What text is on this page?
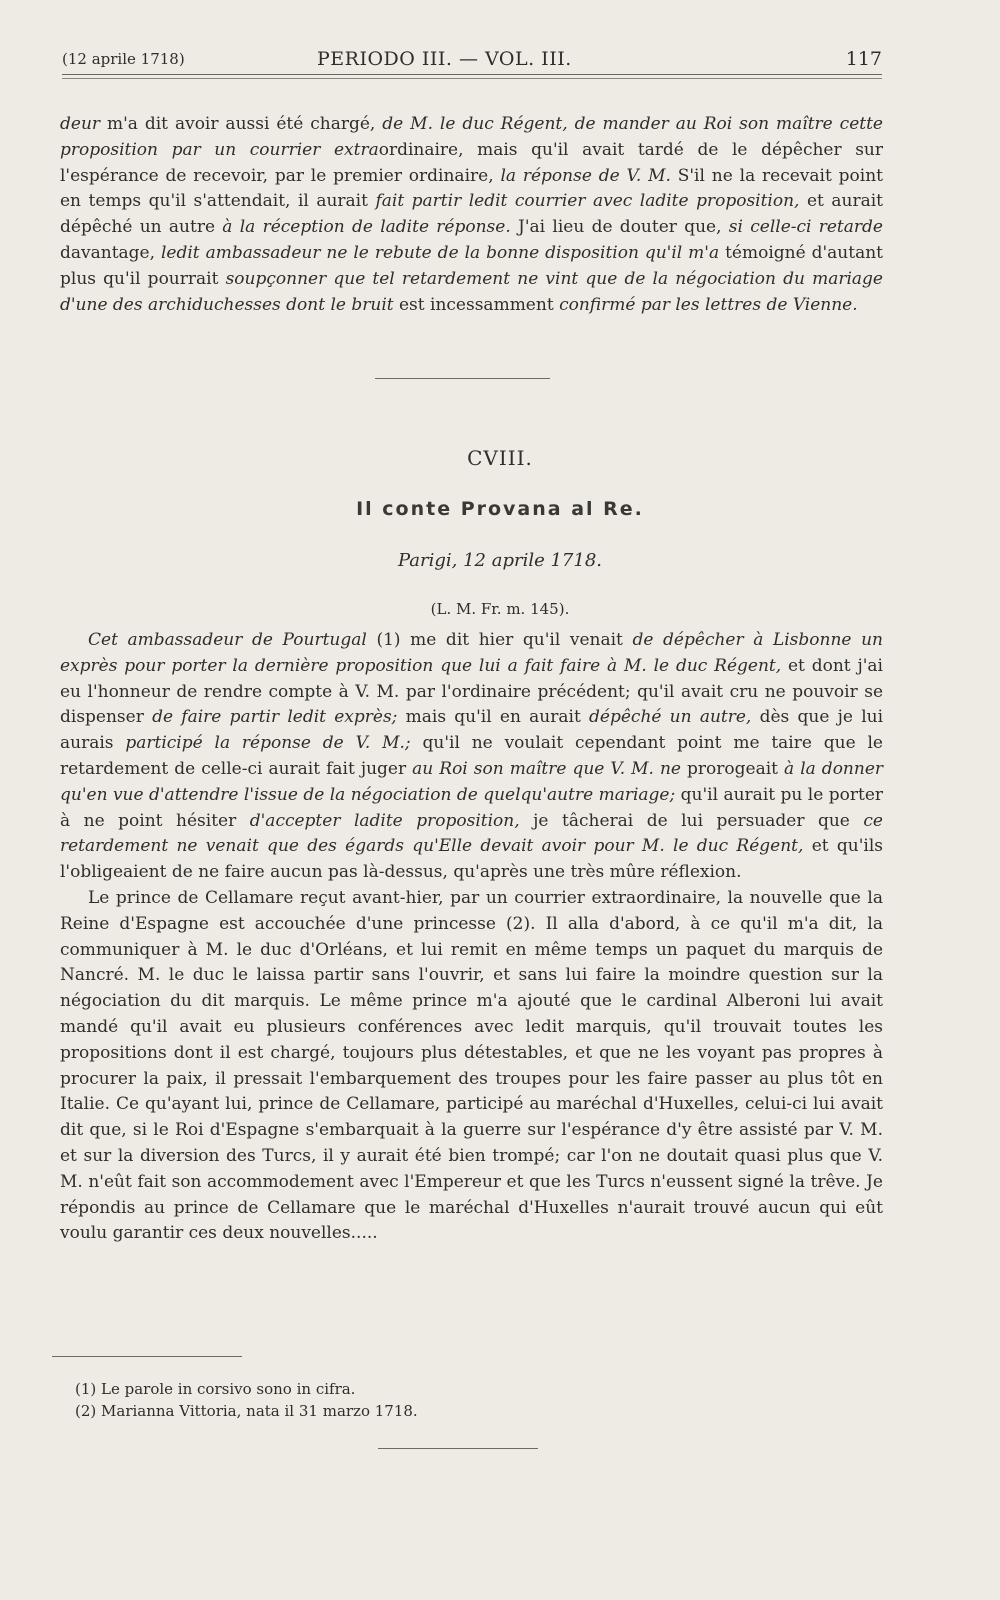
(12 aprile 1718)	PERIODO III. — VOL. III.	117

deur m'a dit avoir aussi été chargé, de M. le duc Régent, de mander au Roi son maître cette proposition par un courrier extraordinaire, mais qu'il avait tardé de le dépêcher sur l'espérance de recevoir, par le premier ordinaire, la réponse de V. M. S'il ne la recevait point en temps qu'il s'attendait, il aurait fait partir ledit courrier avec ladite proposition, et aurait dépêché un autre à la réception de ladite réponse. J'ai lieu de douter que, si celle-ci retarde davantage, ledit ambassadeur ne le rebute de la bonne disposition qu'il m'a témoigné d'autant plus qu'il pourrait soupçonner que tel retardement ne vint que de la négociation du mariage d'une des archiduchesses dont le bruit est incessamment confirmé par les lettres de Vienne.

CVIII.
Il conte Provana al Re.
Parigi, 12 aprile 1718.
(L. M. Fr. m. 145).

Cet ambassadeur de Pourtugal (1) me dit hier qu'il venait de dépêcher à Lisbonne un exprès pour porter la dernière proposition que lui a fait faire à M. le duc Régent, et dont j'ai eu l'honneur de rendre compte à V. M. par l'ordinaire précédent; qu'il avait cru ne pouvoir se dispenser de faire partir ledit exprès; mais qu'il en aurait dépêché un autre, dès que je lui aurais participé la réponse de V. M.; qu'il ne voulait cependant point me taire que le retardement de celle-ci aurait fait juger au Roi son maître que V. M. ne prorogeait à la donner qu'en vue d'attendre l'issue de la négociation de quelqu'autre mariage; qu'il aurait pu le porter à ne point hésiter d'accepter ladite proposition, je tâcherai de lui persuader que ce retardement ne venait que des égards qu'Elle devait avoir pour M. le duc Régent, et qu'ils l'obligeaient de ne faire aucun pas là-dessus, qu'après une très mûre réflexion.

Le prince de Cellamare reçut avant-hier, par un courrier extraordinaire, la nouvelle que la Reine d'Espagne est accouchée d'une princesse (2). Il alla d'abord, à ce qu'il m'a dit, la communiquer à M. le duc d'Orléans, et lui remit en même temps un paquet du marquis de Nancré. M. le duc le laissa partir sans l'ouvrir, et sans lui faire la moindre question sur la négociation du dit marquis. Le même prince m'a ajouté que le cardinal Alberoni lui avait mandé qu'il avait eu plusieurs conférences avec ledit marquis, qu'il trouvait toutes les propositions dont il est chargé, toujours plus détestables, et que ne les voyant pas propres à procurer la paix, il pressait l'embarquement des troupes pour les faire passer au plus tôt en Italie. Ce qu'ayant lui, prince de Cellamare, participé au maréchal d'Huxelles, celui-ci lui avait dit que, si le Roi d'Espagne s'embarquait à la guerre sur l'espérance d'y être assisté par V. M. et sur la diversion des Turcs, il y aurait été bien trompé; car l'on ne doutait quasi plus que V. M. n'eût fait son accommodement avec l'Empereur et que les Turcs n'eussent signé la trêve. Je répondis au prince de Cellamare que le maréchal d'Huxelles n'aurait trouvé aucun qui eût voulu garantir ces deux nouvelles.....

(1) Le parole in corsivo sono in cifra.
(2) Marianna Vittoria, nata il 31 marzo 1718.
